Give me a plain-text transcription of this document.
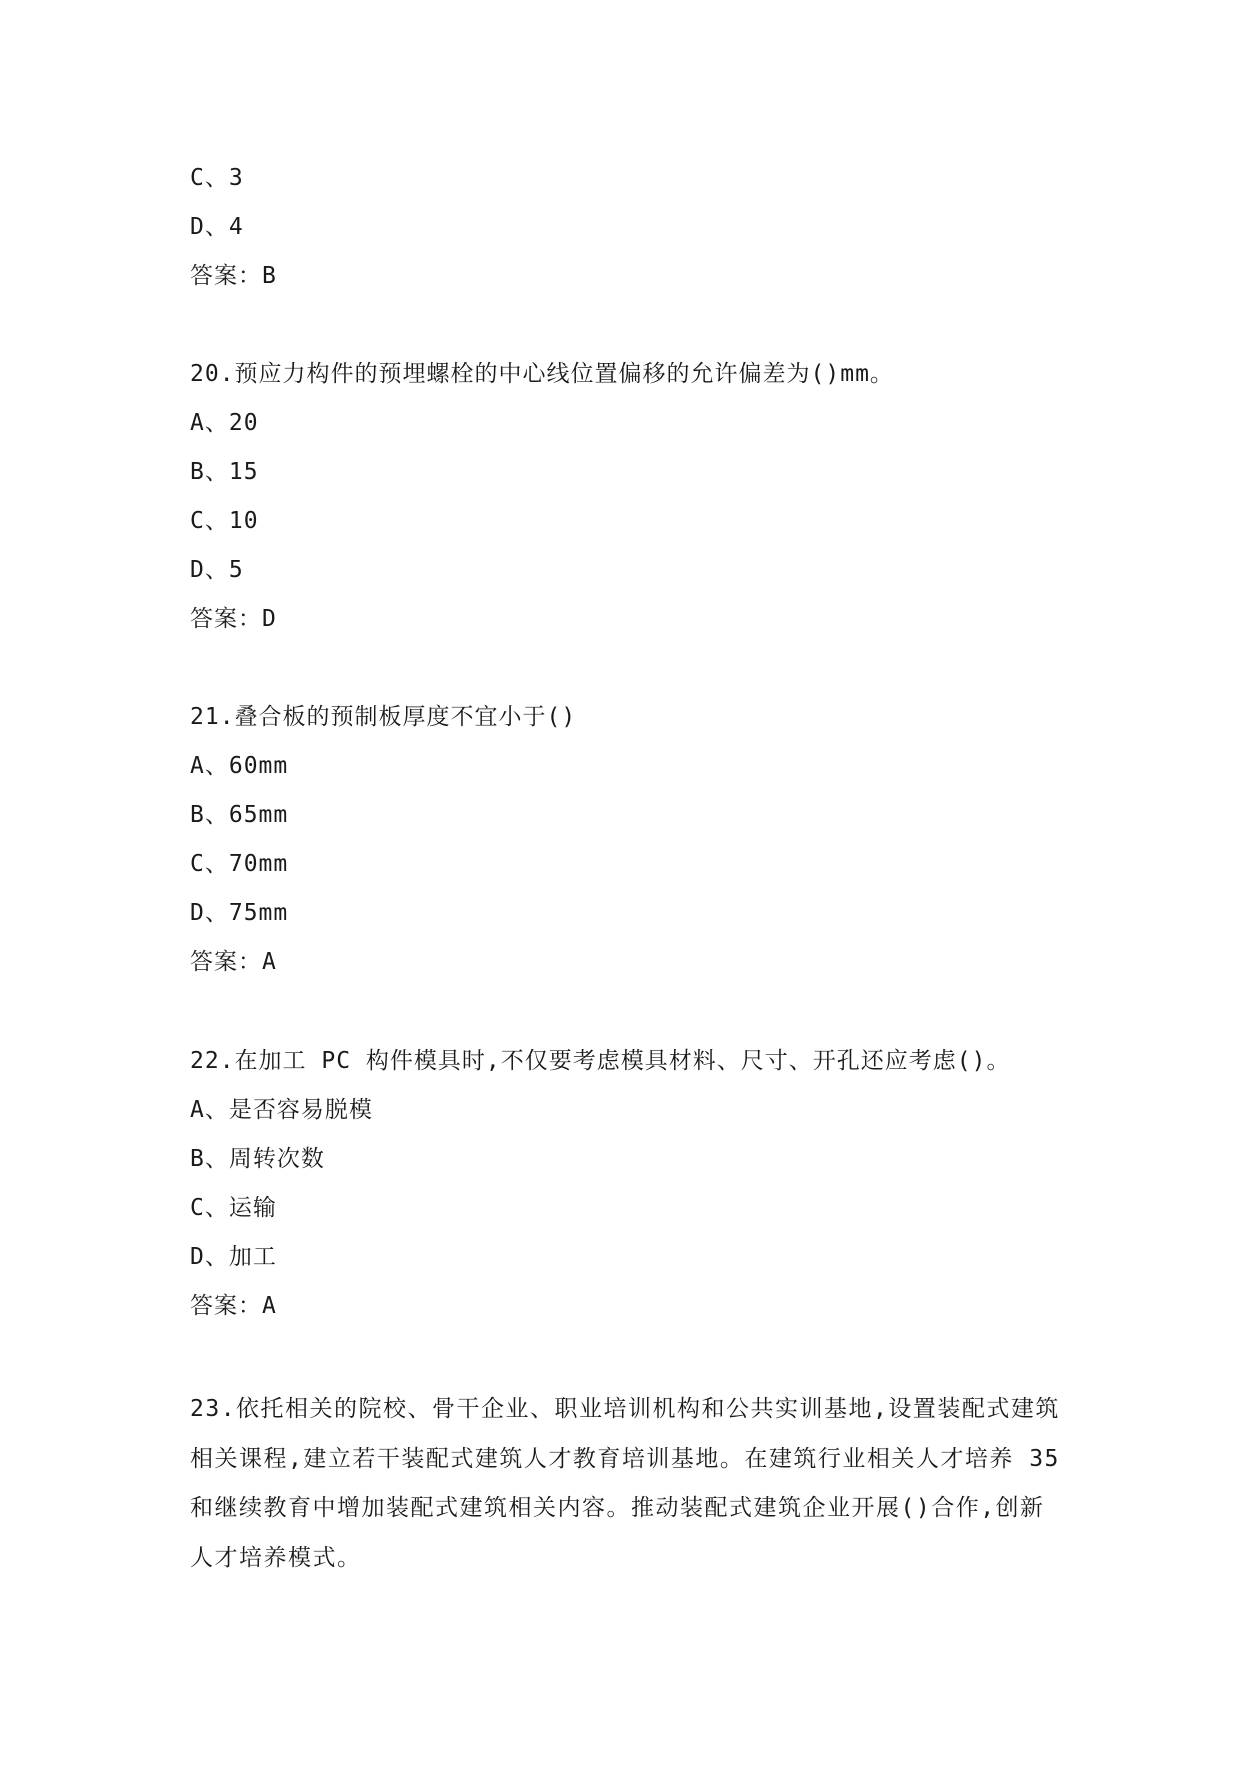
C、3
D、4
答案：B
20.预应力构件的预埋螺栓的中心线位置偏移的允许偏差为()mm。
A、20
B、15
C、10
D、5
答案：D
21.叠合板的预制板厚度不宜小于()
A、60mm
B、65mm
C、70mm
D、75mm
答案：A
22.在加工 PC 构件模具时,不仅要考虑模具材料、尺寸、开孔还应考虑()。
A、是否容易脱模
B、周转次数
C、运输
D、加工
答案：A
23.依托相关的院校、骨干企业、职业培训机构和公共实训基地,设置装配式建筑
相关课程,建立若干装配式建筑人才教育培训基地。在建筑行业相关人才培养 35
和继续教育中增加装配式建筑相关内容。推动装配式建筑企业开展()合作,创新
人才培养模式。
